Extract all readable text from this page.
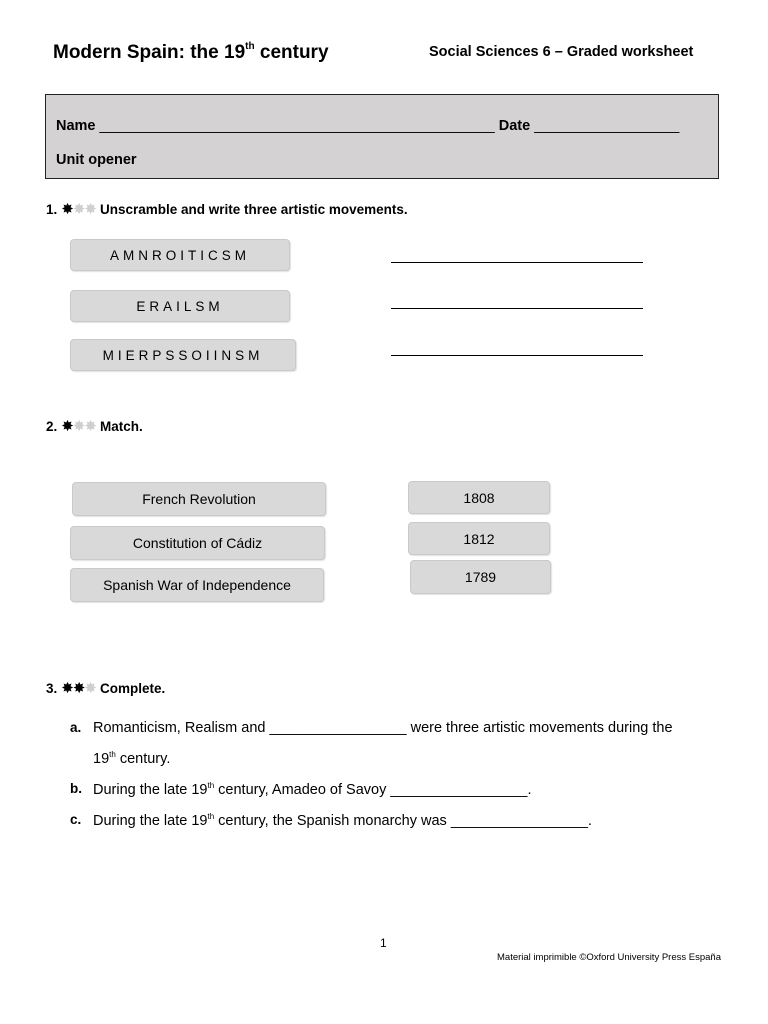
Modern Spain: the 19th century	Social Sciences 6 – Graded worksheet
Name _________________________________________________ Date __________________
Unit opener
1. ✸ ✸ ✸ Unscramble and write three artistic movements.
AMNROITICSM
ERAILSM
MIERPSSOIINSM
2. ✸ ✸ ✸ Match.
French Revolution
Constitution of Cádiz
Spanish War of Independence
1808
1812
1789
3. ✸ ✸ ✸ Complete.
a. Romanticism, Realism and _________________ were three artistic movements during the
19th century.
b. During the late 19th century, Amadeo of Savoy _________________.
c. During the late 19th century, the Spanish monarchy was _________________.
1
Material imprimible ©Oxford University Press España
